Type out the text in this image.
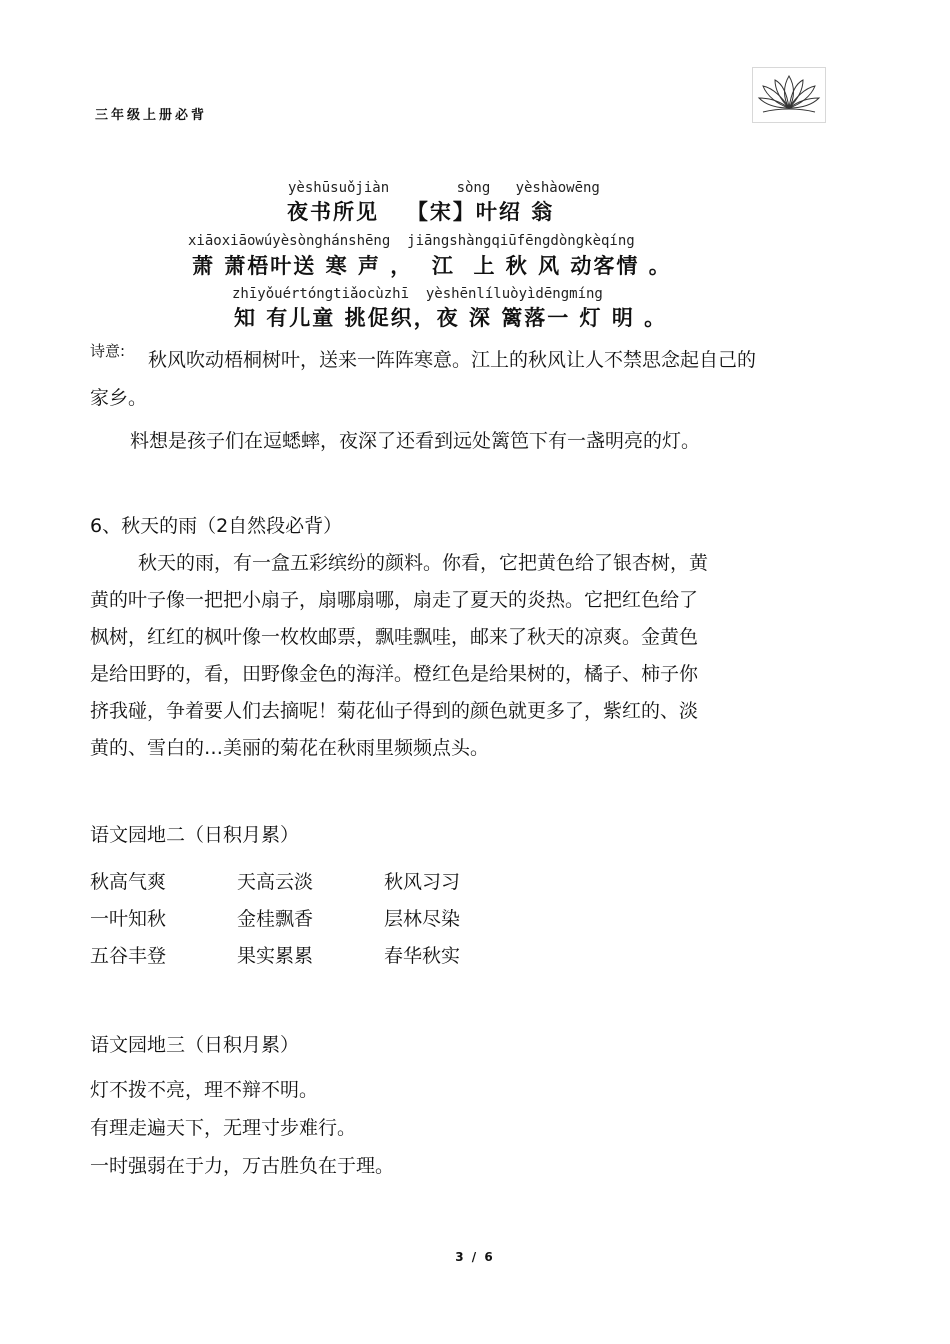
三年级上册必背
yèshūsuǒjiàn        sòng   yèshàowēng
夜书所见   【宋】叶绍 翁
xiāoxiāowúyèsònghánshēng  jiāngshàngqiūfēngdòngkèqíng
萧 萧梧叶送 寒 声 ，  江  上 秋 风 动客情 。
zhīyǒuértóngtiǎocùzhī  yèshēnlíluòyìdēngmíng
知 有儿童 挑促织，夜 深 篱落一 灯 明 。
诗意: 秋风吹动梧桐树叶，送来一阵阵寒意。江上的秋风让人不禁思念起自己的
家乡。
料想是孩子们在逗蟋蟀，夜深了还看到远处篱笆下有一盏明亮的灯。
6、秋天的雨（2自然段必背）
秋天的雨，有一盒五彩缤纷的颜料。你看，它把黄色给了银杏树，黄
黄的叶子像一把把小扇子，扇哪扇哪，扇走了夏天的炎热。它把红色给了
枫树，红红的枫叶像一枚枚邮票，飘哇飘哇，邮来了秋天的凉爽。金黄色
是给田野的，看，田野像金色的海洋。橙红色是给果树的，橘子、柿子你
挤我碰，争着要人们去摘呢！菊花仙子得到的颜色就更多了，紫红的、淡
黄的、雪白的…美丽的菊花在秋雨里频频点头。
语文园地二（日积月累）
秋高气爽	天高云淡	秋风习习
一叶知秋	金桂飘香	层林尽染
五谷丰登	果实累累	春华秋实
语文园地三（日积月累）
灯不拨不亮，理不辩不明。
有理走遍天下，无理寸步难行。
一时强弱在于力，万古胜负在于理。
3 / 6
